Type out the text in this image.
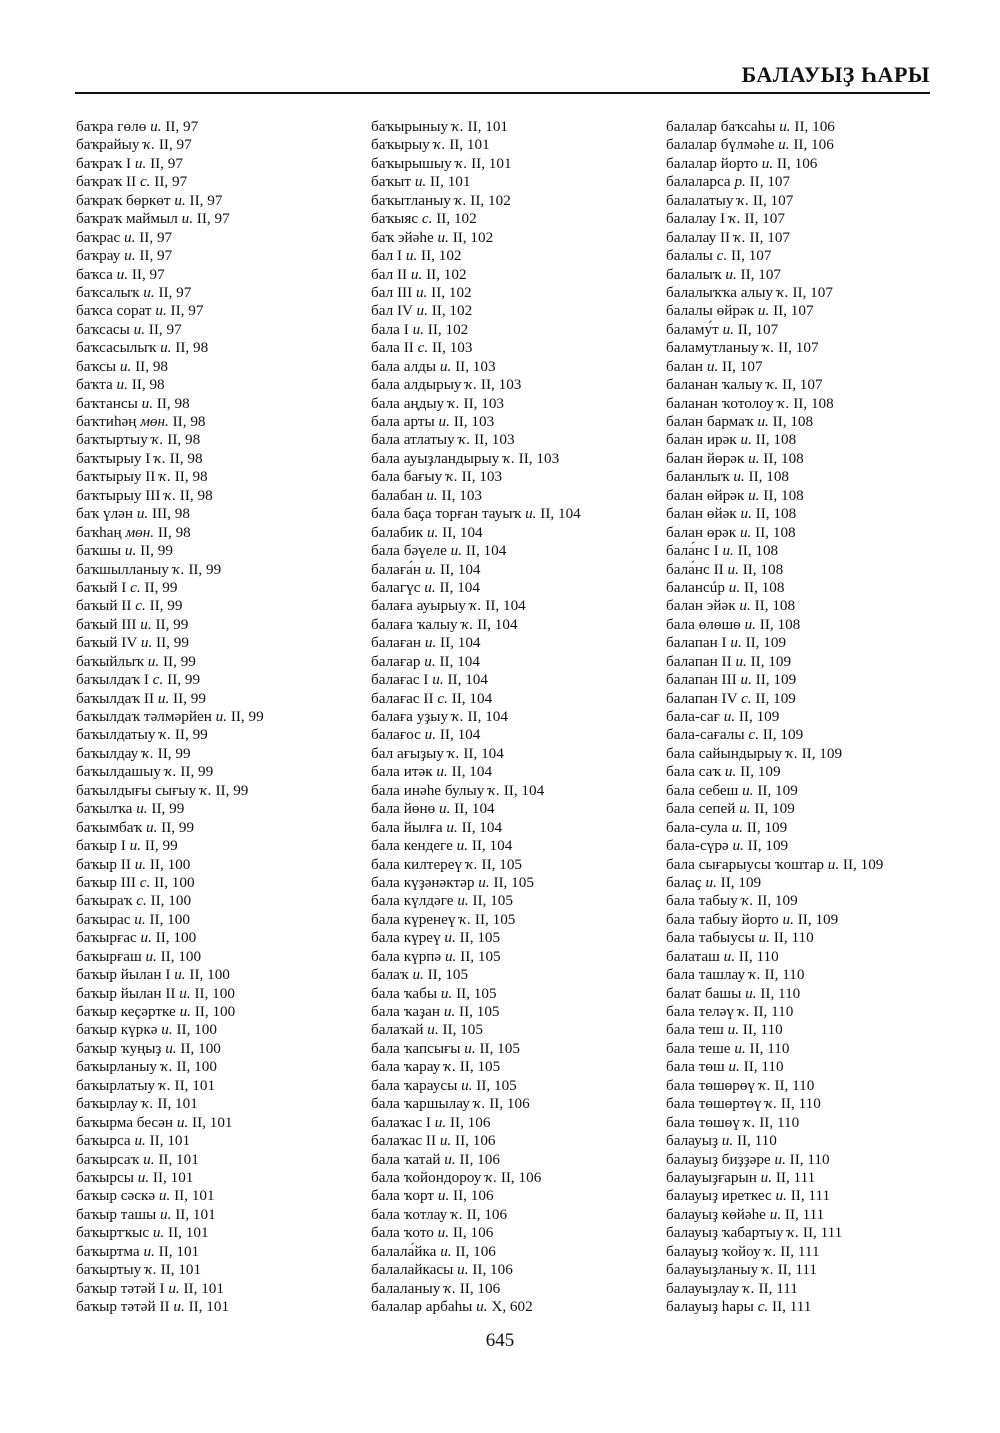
БАЛАУЫҘ ҺАРЫ
баҡра гөлө и. II, 97
баҡрайыу ҡ. II, 97
баҡраҡ I и. II, 97
баҡраҡ II с. II, 97
баҡраҡ бөркөт и. II, 97
баҡраҡ маймыл и. II, 97
баҡрас и. II, 97
баҡрау и. II, 97
баҡса и. II, 97
баҡсалыҡ и. II, 97
баҡса сорат и. II, 97
баҡсасы и. II, 97
баҡсасылыҡ и. II, 98
баҡсы и. II, 98
баҡта и. II, 98
баҡтансы и. II, 98
баҡтиһәң мөн. II, 98
баҡтыртыу ҡ. II, 98
баҡтырыу I ҡ. II, 98
баҡтырыу II ҡ. II, 98
баҡтырыу III ҡ. II, 98
баҡ үлән и. III, 98
баҡһаң мөн. II, 98
баҡшы и. II, 99
баҡшылланыу ҡ. II, 99
баҡый I с. II, 99
баҡый II с. II, 99
баҡый III и. II, 99
баҡый IV и. II, 99
баҡыйлыҡ и. II, 99
баҡылдаҡ I с. II, 99
баҡылдаҡ II и. II, 99
баҡылдаҡ тәлмәрйен и. II, 99
баҡылдатыу ҡ. II, 99
баҡылдау ҡ. II, 99
баҡылдашыу ҡ. II, 99
баҡылдығы сығыу ҡ. II, 99
баҡылҡа и. II, 99
баҡымбаҡ и. II, 99
баҡыр I и. II, 99
баҡыр II и. II, 100
баҡыр III с. II, 100
баҡыраҡ с. II, 100
баҡырас и. II, 100
баҡырғас и. II, 100
баҡырғаш и. II, 100
баҡыр йылан I и. II, 100
баҡыр йылан II и. II, 100
баҡыр кеҫәртке и. II, 100
баҡыр күркә и. II, 100
баҡыр ҡуңыҙ и. II, 100
баҡырланыу ҡ. II, 100
баҡырлатыу ҡ. II, 101
баҡырлау ҡ. II, 101
баҡырма бесән и. II, 101
баҡырса и. II, 101
баҡырсаҡ и. II, 101
баҡырсы и. II, 101
баҡыр сәскә и. II, 101
баҡыр ташы и. II, 101
баҡыртҡыс и. II, 101
баҡыртма и. II, 101
баҡыртыу ҡ. II, 101
баҡыр тәтәй I и. II, 101
баҡыр тәтәй II и. II, 101
баҡырыныу ҡ. II, 101
баҡырыу ҡ. II, 101
баҡырышыу ҡ. II, 101
баҡыт и. II, 101
баҡытланыу ҡ. II, 102
баҡыяс с. II, 102
баҡ эйәһе и. II, 102
бал I и. II, 102
бал II и. II, 102
бал III и. II, 102
бал IV и. II, 102
бала I и. II, 102
бала II с. II, 103
бала алды и. II, 103
бала алдырыу ҡ. II, 103
бала аңдыу ҡ. II, 103
бала арты и. II, 103
бала атлатыу ҡ. II, 103
бала ауыҙландырыу ҡ. II, 103
бала бағыу ҡ. II, 103
балабан и. II, 103
бала баҫа торған тауыҡ и. II, 104
балабик и. II, 104
бала бәүеле и. II, 104
балаға́н и. II, 104
балагүс и. II, 104
балаға ауырыу ҡ. II, 104
балаға ҡалыу ҡ. II, 104
балаған и. II, 104
балағар и. II, 104
балағас I и. II, 104
балағас II с. II, 104
балаға уҙыу ҡ. II, 104
балағос и. II, 104
бал ағыҙыу ҡ. II, 104
бала итәк и. II, 104
бала инәһе булыу ҡ. II, 104
бала йөнө и. II, 104
бала йылға и. II, 104
бала кендеге и. II, 104
бала килтереү ҡ. II, 105
бала күҙәнәктәр и. II, 105
бала күлдәге и. II, 105
бала күренеү ҡ. II, 105
бала күреү и. II, 105
бала күрпә и. II, 105
балаҡ и. II, 105
бала ҡабы и. II, 105
бала ҡаҙан и. II, 105
балаҡай и. II, 105
бала ҡапсығы и. II, 105
бала ҡарау ҡ. II, 105
бала ҡараусы и. II, 105
бала ҡаршылау ҡ. II, 106
балаҡас I и. II, 106
балаҡас II и. II, 106
бала ҡатай и. II, 106
бала ҡойондороу ҡ. II, 106
бала ҡорт и. II, 106
бала ҡотлау ҡ. II, 106
бала ҡото и. II, 106
балала́йка и. II, 106
балалайкасы и. II, 106
балаланыу ҡ. II, 106
балалар арбаһы и. X, 602
балалар баҡсаһы и. II, 106
балалар бүлмәһе и. II, 106
балалар йорто и. II, 106
балаларса р. II, 107
балалатыу ҡ. II, 107
балалау I ҡ. II, 107
балалау II ҡ. II, 107
балалы с. II, 107
балалыҡ и. II, 107
балалыҡҡа алыу ҡ. II, 107
балалы өйрәк и. II, 107
баламу́т и. II, 107
баламутланыу ҡ. II, 107
балан и. II, 107
баланан ҡалыу ҡ. II, 107
баланан ҡотолоу ҡ. II, 108
балан бармаҡ и. II, 108
балан ирәк и. II, 108
балан йөрәк и. II, 108
баланлыҡ и. II, 108
балан өйрәк и. II, 108
балан өйәк и. II, 108
балан өрәк и. II, 108
бала́нс I и. II, 108
бала́нс II и. II, 108
балансúр и. II, 108
балан эйәк и. II, 108
бала өлөшө и. II, 108
балапан I и. II, 109
балапан II и. II, 109
балапан III и. II, 109
балапан IV с. II, 109
бала-сағ и. II, 109
бала-сағалы с. II, 109
бала сайындырыу ҡ. II, 109
бала саҡ и. II, 109
бала себеш и. II, 109
бала сепей и. II, 109
бала-сула и. II, 109
бала-сүрә и. II, 109
бала сығарыусы ҡоштар и. II, 109
балаҫ и. II, 109
бала табыу ҡ. II, 109
бала табыу йорто и. II, 109
бала табыусы и. II, 110
балаташ и. II, 110
бала ташлау ҡ. II, 110
балат башы и. II, 110
бала теләү ҡ. II, 110
бала теш и. II, 110
бала теше и. II, 110
бала төш и. II, 110
бала төшөрөү ҡ. II, 110
бала төшөртөү ҡ. II, 110
бала төшөү ҡ. II, 110
балауыҙ и. II, 110
балауыҙ биҙҙәре и. II, 110
балауыҙғарын и. II, 111
балауыҙ иреткес и. II, 111
балауыҙ көйәһе и. II, 111
балауыҙ ҡабартыу ҡ. II, 111
балауыҙ ҡойоу ҡ. II, 111
балауыҙланыу ҡ. II, 111
балауыҙлау ҡ. II, 111
балауыҙ һары с. II, 111
645
